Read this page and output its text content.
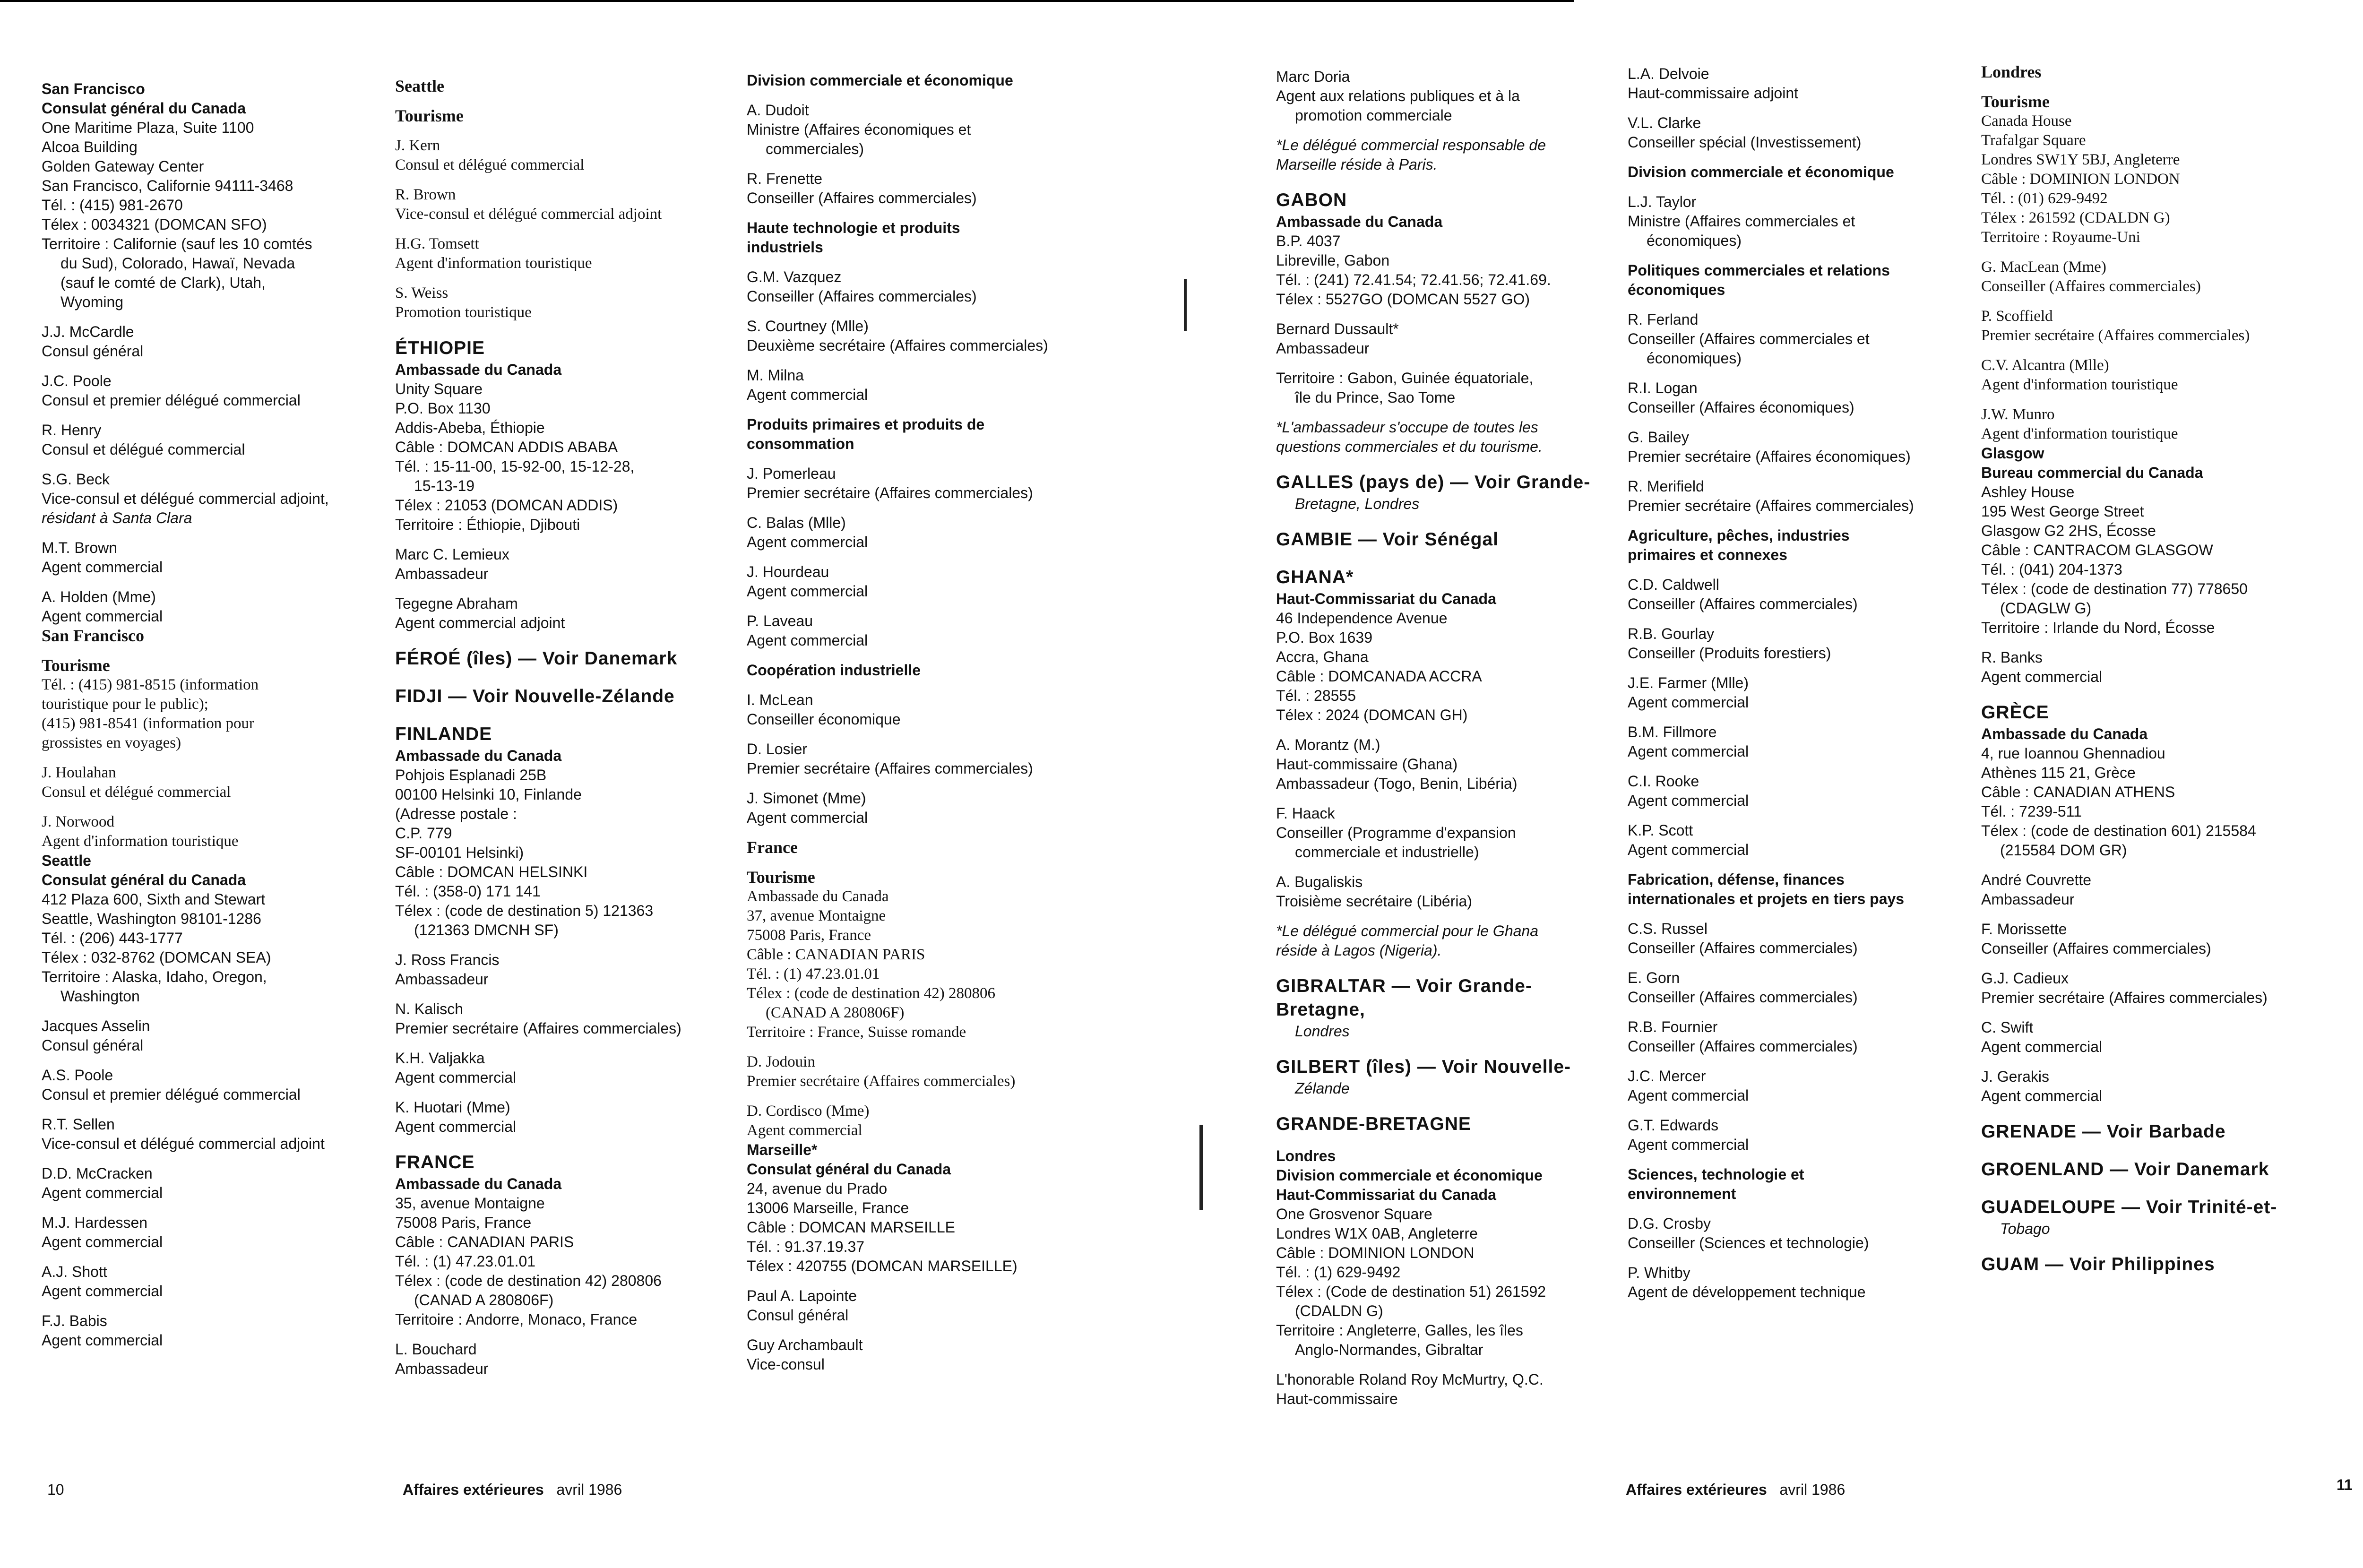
San Francisco
Consulat général du Canada
One Maritime Plaza, Suite 1100
Alcoa Building
Golden Gateway Center
San Francisco, Californie 94111-3468
Tél. : (415) 981-2670
Télex : 0034321 (DOMCAN SFO)
Territoire : Californie (sauf les 10 comtés
du Sud), Colorado, Hawaï, Nevada
(sauf le comté de Clark), Utah,
Wyoming
J.J. McCardle
Consul général
J.C. Poole
Consul et premier délégué commercial
R. Henry
Consul et délégué commercial
S.G. Beck
Vice-consul et délégué commercial adjoint,
résidant à Santa Clara
M.T. Brown
Agent commercial
A. Holden (Mme)
Agent commercial
San Francisco
Tourisme
Tél. : (415) 981-8515 (information
touristique pour le public);
(415) 981-8541 (information pour
grossistes en voyages)
J. Houlahan
Consul et délégué commercial
J. Norwood
Agent d'information touristique
Seattle
Consulat général du Canada
412 Plaza 600, Sixth and Stewart
Seattle, Washington 98101-1286
Tél. : (206) 443-1777
Télex : 032-8762 (DOMCAN SEA)
Territoire : Alaska, Idaho, Oregon,
Washington
Jacques Asselin
Consul général
A.S. Poole
Consul et premier délégué commercial
R.T. Sellen
Vice-consul et délégué commercial adjoint
D.D. McCracken
Agent commercial
M.J. Hardessen
Agent commercial
A.J. Shott
Agent commercial
F.J. Babis
Agent commercial
Seattle
Tourisme
J. Kern
Consul et délégué commercial
R. Brown
Vice-consul et délégué commercial adjoint
H.G. Tomsett
Agent d'information touristique
S. Weiss
Promotion touristique
ÉTHIOPIE
Ambassade du Canada
Unity Square
P.O. Box 1130
Addis-Abeba, Éthiopie
Câble : DOMCAN ADDIS ABABA
Tél. : 15-11-00, 15-92-00, 15-12-28,
15-13-19
Télex : 21053 (DOMCAN ADDIS)
Territoire : Éthiopie, Djibouti
Marc C. Lemieux
Ambassadeur
Tegegne Abraham
Agent commercial adjoint
FÉROÉ (îles) — Voir Danemark
FIDJI — Voir Nouvelle-Zélande
FINLANDE
Ambassade du Canada
Pohjois Esplanadi 25B
00100 Helsinki 10, Finlande
(Adresse postale :
C.P. 779
SF-00101 Helsinki)
Câble : DOMCAN HELSINKI
Tél. : (358-0) 171 141
Télex : (code de destination 5) 121363
(121363 DMCNH SF)
J. Ross Francis
Ambassadeur
N. Kalisch
Premier secrétaire (Affaires commerciales)
K.H. Valjakka
Agent commercial
K. Huotari (Mme)
Agent commercial
FRANCE
Ambassade du Canada
35, avenue Montaigne
75008 Paris, France
Câble : CANADIAN PARIS
Tél. : (1) 47.23.01.01
Télex : (code de destination 42) 280806
(CANAD A 280806F)
Territoire : Andorre, Monaco, France
L. Bouchard
Ambassadeur
Division commerciale et économique
A. Dudoit
Ministre (Affaires économiques et
commerciales)
R. Frenette
Conseiller (Affaires commerciales)
Haute technologie et produits
industriels
G.M. Vazquez
Conseiller (Affaires commerciales)
S. Courtney (Mlle)
Deuxième secrétaire (Affaires commerciales)
M. Milna
Agent commercial
Produits primaires et produits de
consommation
J. Pomerleau
Premier secrétaire (Affaires commerciales)
C. Balas (Mlle)
Agent commercial
J. Hourdeau
Agent commercial
P. Laveau
Agent commercial
Coopération industrielle
I. McLean
Conseiller économique
D. Losier
Premier secrétaire (Affaires commerciales)
J. Simonet (Mme)
Agent commercial
France
Tourisme
Ambassade du Canada
37, avenue Montaigne
75008 Paris, France
Câble : CANADIAN PARIS
Tél. : (1) 47.23.01.01
Télex : (code de destination 42) 280806
(CANAD A 280806F)
Territoire : France, Suisse romande
D. Jodouin
Premier secrétaire (Affaires commerciales)
D. Cordisco (Mme)
Agent commercial
Marseille*
Consulat général du Canada
24, avenue du Prado
13006 Marseille, France
Câble : DOMCAN MARSEILLE
Tél. : 91.37.19.37
Télex : 420755 (DOMCAN MARSEILLE)
Paul A. Lapointe
Consul général
Guy Archambault
Vice-consul
Marc Doria
Agent aux relations publiques et à la
promotion commerciale
*Le délégué commercial responsable de
Marseille réside à Paris.
GABON
Ambassade du Canada
B.P. 4037
Libreville, Gabon
Tél. : (241) 72.41.54; 72.41.56; 72.41.69.
Télex : 5527GO (DOMCAN 5527 GO)
Bernard Dussault*
Ambassadeur
Territoire : Gabon, Guinée équatoriale,
île du Prince, Sao Tome
*L'ambassadeur s'occupe de toutes les
questions commerciales et du tourisme.
GALLES (pays de) — Voir Grande-
Bretagne, Londres
GAMBIE — Voir Sénégal
GHANA*
Haut-Commissariat du Canada
46 Independence Avenue
P.O. Box 1639
Accra, Ghana
Câble : DOMCANADA ACCRA
Tél. : 28555
Télex : 2024 (DOMCAN GH)
A. Morantz (M.)
Haut-commissaire (Ghana)
Ambassadeur (Togo, Benin, Libéria)
F. Haack
Conseiller (Programme d'expansion
commerciale et industrielle)
A. Bugaliskis
Troisième secrétaire (Libéria)
*Le délégué commercial pour le Ghana
réside à Lagos (Nigeria).
GIBRALTAR — Voir Grande-Bretagne,
Londres
GILBERT (îles) — Voir Nouvelle-
Zélande
GRANDE-BRETAGNE
Londres
Division commerciale et économique
Haut-Commissariat du Canada
One Grosvenor Square
Londres W1X 0AB, Angleterre
Câble : DOMINION LONDON
Tél. : (1) 629-9492
Télex : (Code de destination 51) 261592
(CDALDN G)
Territoire : Angleterre, Galles, les îles
Anglo-Normandes, Gibraltar
L'honorable Roland Roy McMurtry, Q.C.
Haut-commissaire
L.A. Delvoie
Haut-commissaire adjoint
V.L. Clarke
Conseiller spécial (Investissement)
Division commerciale et économique
L.J. Taylor
Ministre (Affaires commerciales et
économiques)
Politiques commerciales et relations
économiques
R. Ferland
Conseiller (Affaires commerciales et
économiques)
R.I. Logan
Conseiller (Affaires économiques)
G. Bailey
Premier secrétaire (Affaires économiques)
R. Merifield
Premier secrétaire (Affaires commerciales)
Agriculture, pêches, industries
primaires et connexes
C.D. Caldwell
Conseiller (Affaires commerciales)
R.B. Gourlay
Conseiller (Produits forestiers)
J.E. Farmer (Mlle)
Agent commercial
B.M. Fillmore
Agent commercial
C.I. Rooke
Agent commercial
K.P. Scott
Agent commercial
Fabrication, défense, finances
internationales et projets en tiers pays
C.S. Russel
Conseiller (Affaires commerciales)
E. Gorn
Conseiller (Affaires commerciales)
R.B. Fournier
Conseiller (Affaires commerciales)
J.C. Mercer
Agent commercial
G.T. Edwards
Agent commercial
Sciences, technologie et
environnement
D.G. Crosby
Conseiller (Sciences et technologie)
P. Whitby
Agent de développement technique
Londres
Tourisme
Canada House
Trafalgar Square
Londres SW1Y 5BJ, Angleterre
Câble : DOMINION LONDON
Tél. : (01) 629-9492
Télex : 261592 (CDALDN G)
Territoire : Royaume-Uni
G. MacLean (Mme)
Conseiller (Affaires commerciales)
P. Scoffield
Premier secrétaire (Affaires commerciales)
C.V. Alcantra (Mlle)
Agent d'information touristique
J.W. Munro
Agent d'information touristique
Glasgow
Bureau commercial du Canada
Ashley House
195 West George Street
Glasgow G2 2HS, Écosse
Câble : CANTRACOM GLASGOW
Tél. : (041) 204-1373
Télex : (code de destination 77) 778650
(CDAGLW G)
Territoire : Irlande du Nord, Écosse
R. Banks
Agent commercial
GRÈCE
Ambassade du Canada
4, rue Ioannou Ghennadiou
Athènes 115 21, Grèce
Câble : CANADIAN ATHENS
Tél. : 7239-511
Télex : (code de destination 601) 215584
(215584 DOM GR)
André Couvrette
Ambassadeur
F. Morissette
Conseiller (Affaires commerciales)
G.J. Cadieux
Premier secrétaire (Affaires commerciales)
C. Swift
Agent commercial
J. Gerakis
Agent commercial
GRENADE — Voir Barbade
GROENLAND — Voir Danemark
GUADELOUPE — Voir Trinité-et-
Tobago
GUAM — Voir Philippines
10	Affaires extérieures avril 1986	Affaires extérieures avril 1986	11
